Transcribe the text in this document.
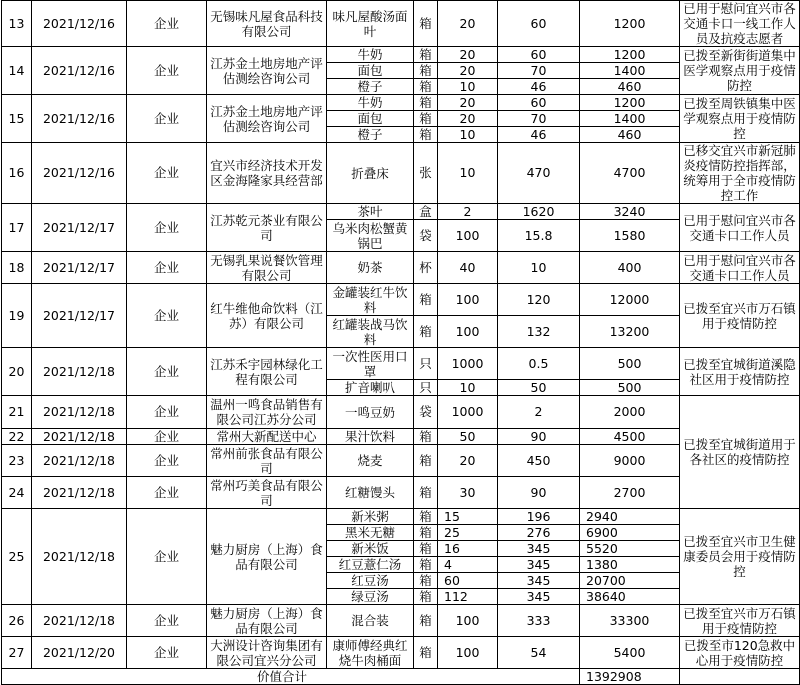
13	2021/12/16	企业	无锡味凡屋食品科技有限公司	味凡屋酸汤面叶	箱	20	60	1200	已用于慰问宜兴市各交通卡口一线工作人员及抗疫志愿者
14	2021/12/16	企业	江苏金土地房地产评估测绘咨询公司	牛奶	箱	20	60	1200	已拨至新街街道集中医学观察点用于疫情防控
				面包	箱	20	70	1400	
				橙子	箱	10	46	460	
15	2021/12/16	企业	江苏金土地房地产评估测绘咨询公司	牛奶	箱	20	60	1200	已拨至周铁镇集中医学观察点用于疫情防控
				面包	箱	20	70	1400	
				橙子	箱	10	46	460	
16	2021/12/16	企业	宜兴市经济技术开发区金海隆家具经营部	折叠床	张	10	470	4700	已移交宜兴市新冠肺炎疫情防控指挥部，统筹用于全市疫情防控工作
17	2021/12/17	企业	江苏乾元茶业有限公司	茶叶	盒	2	1620	3240	已用于慰问宜兴市各交通卡口工作人员
				乌米肉松蟹黄锅巴	袋	100	15.8	1580	
18	2021/12/17	企业	无锡乳果说餐饮管理有限公司	奶茶	杯	40	10	400	已用于慰问宜兴市各交通卡口工作人员
19	2021/12/17	企业	红牛维他命饮料（江苏）有限公司	金罐装红牛饮料	箱	100	120	12000	已拨至宜兴市万石镇用于疫情防控
				红罐装战马饮料	箱	100	132	13200	
20	2021/12/18	企业	江苏禾宇园林绿化工程有限公司	一次性医用口罩	只	1000	0.5	500	已拨至宜城街道溪隐社区用于疫情防控
				扩音喇叭	只	10	50	500	
21	2021/12/18	企业	温州一鸣食品销售有限公司江苏分公司	一鸣豆奶	袋	1000	2	2000	已拨至宜城街道用于各社区的疫情防控
22	2021/12/18	企业	常州大新配送中心	果汁饮料	箱	50	90	4500	
23	2021/12/18	企业	常州前张食品有限公司	烧麦	箱	20	450	9000	
24	2021/12/18	企业	常州巧美食品有限公司	红糖馒头	箱	30	90	2700	
25	2021/12/18	企业	魅力厨房（上海）食品有限公司	新米粥	箱	15	196	2940	已拨至宜兴市卫生健康委员会用于疫情防控
				黑米无糖	箱	25	276	6900	
				新米饭	箱	16	345	5520	
				红豆薏仁汤	箱	4	345	1380	
				红豆汤	箱	60	345	20700	
				绿豆汤	箱	112	345	38640	
26	2021/12/18	企业	魅力厨房（上海）食品有限公司	混合装	箱	100	333	33300	已拨至宜兴市万石镇用于疫情防控
27	2021/12/20	企业	大洲设计咨询集团有限公司宜兴分公司	康师傅经典红烧牛肉桶面	箱	100	54	5400	已拨至市120急救中心用于疫情防控
价值合计								1392908	
